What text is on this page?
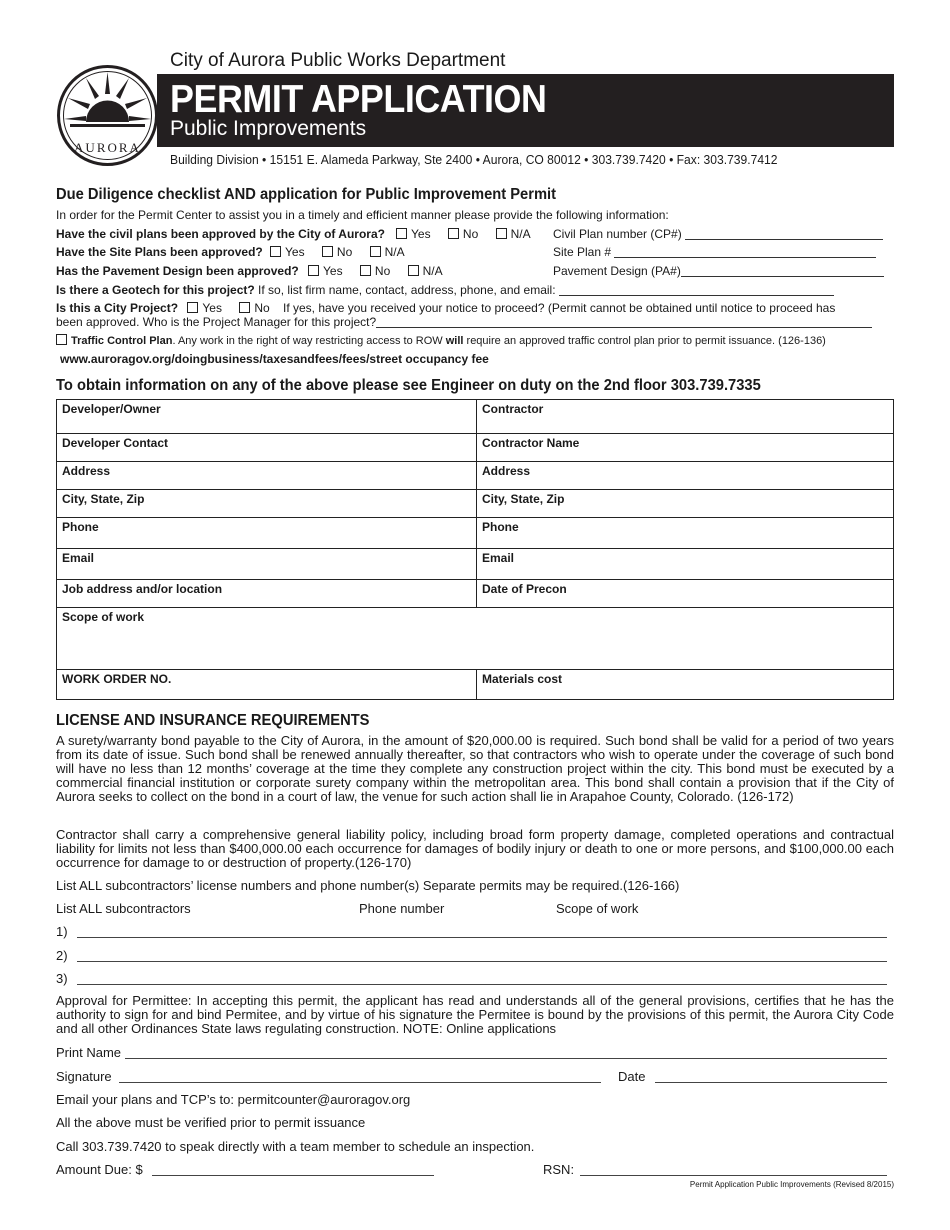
AURORA
City of Aurora Public Works Department
PERMIT APPLICATION
Public Improvements
Building Division • 15151 E. Alameda Parkway, Ste 2400 • Aurora, CO 80012 • 303.739.7420 • Fax: 303.739.7412
Due Diligence checklist AND application for Public Improvement Permit
In order for the Permit Center to assist you in a timely and efficient manner please provide the following information:
Have the civil plans been approved by the City of Aurora?	Yes	No	N/A Civil Plan number (CP#)
Have the Site Plans been approved?	Yes	No	N/A	Site Plan #
Has the Pavement Design been approved?	Yes	No	N/A	Pavement Design (PA#)
Is there a Geotech for this project? If so, list firm name, contact, address, phone, and email:
Is this a City Project? Yes	No If yes, have you received your notice to proceed? (Permit cannot be obtained until notice to proceed has
been approved. Who is the Project Manager for this project?
Traffic Control Plan. Any work in the right of way restricting access to ROW will require an approved traffic control plan prior to permit issuance. (126-136)
www.auroragov.org/doingbusiness/taxesandfees/fees/street occupancy fee
To obtain information on any of the above please see Engineer on duty on the 2nd floor 303.739.7335
Developer/Owner	Contractor
Developer Contact	Contractor Name
Address	Address
City, State, Zip	City, State, Zip
Phone	Phone
Email	Email
Job address and/or location	Date of Precon
Scope of work	
WORK ORDER NO.	Materials cost
LICENSE AND INSURANCE REQUIREMENTS
A surety/warranty bond payable to the City of Aurora, in the amount of $20,000.00 is required. Such bond shall be valid for a period of two years from its date of issue. Such bond shall be renewed annually thereafter, so that contractors who wish to operate under the coverage of such bond will have no less than 12 months’ coverage at the time they complete any construction project within the city. This bond must be executed by a commercial financial institution or corporate surety company within the metropolitan area. This bond shall contain a provision that if the City of Aurora seeks to collect on the bond in a court of law, the venue for such action shall lie in Arapahoe County, Colorado. (126-172)
Contractor shall carry a comprehensive general liability policy, including broad form property damage, completed operations and contractual liability for limits not less than $400,000.00 each occurrence for damages of bodily injury or death to one or more persons, and $100,000.00 each occurrence for damage to or destruction of property.(126-170)
List ALL subcontractors’ license numbers and phone number(s) Separate permits may be required.(126-166)
List ALL subcontractors	Phone number	Scope of work
1)
2)
3)
Approval for Permittee: In accepting this permit, the applicant has read and understands all of the general provisions, certifies that he has the authority to sign for and bind Permitee, and by virtue of his signature the Permitee is bound by the provisions of this permit, the Aurora City Code and all other Ordinances State laws regulating construction. NOTE: Online applications
Print Name
Signature	Date
Email your plans and TCP’s to: permitcounter@auroragov.org
All the above must be verified prior to permit issuance
Call 303.739.7420 to speak directly with a team member to schedule an inspection.
Amount Due: $	RSN:
Permit Application Public Improvements (Revised 8/2015)
